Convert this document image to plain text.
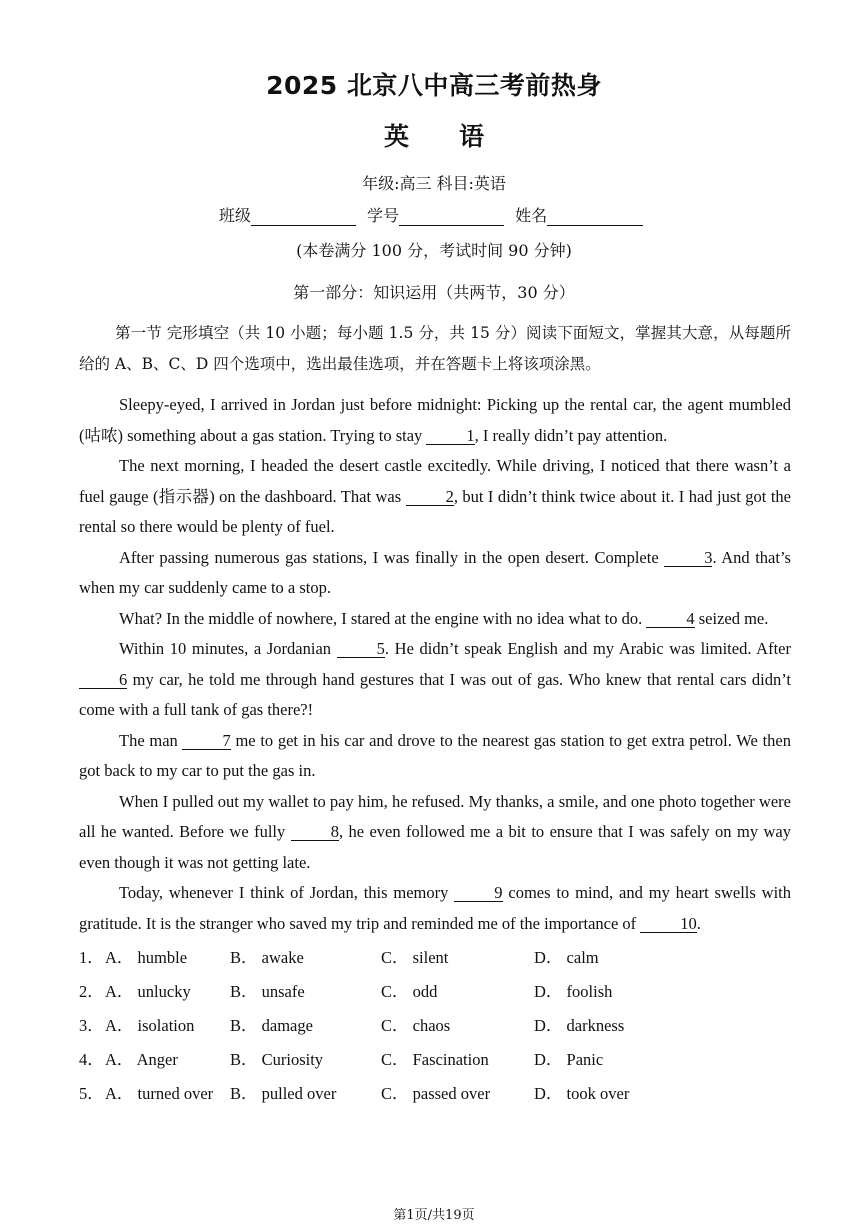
2025 北京八中高三考前热身
英　　语
年级:高三 科目:英语
班级	学号	姓名
(本卷满分 100 分，考试时间 90 分钟)
第一部分：知识运用（共两节，30 分）
第一节 完形填空（共 10 小题；每小题 1.5 分，共 15 分）阅读下面短文，掌握其大意，从每题所给的 A、B、C、D 四个选项中，选出最佳选项，并在答题卡上将该项涂黑。

Sleepy-eyed, I arrived in Jordan just before midnight: Picking up the rental car, the agent mumbled (咕哝) something about a gas station. Trying to stay 1, I really didn’t pay attention.

The next morning, I headed the desert castle excitedly. While driving, I noticed that there wasn’t a fuel gauge (指示器) on the dashboard. That was 2, but I didn’t think twice about it. I had just got the rental so there would be plenty of fuel.

After passing numerous gas stations, I was finally in the open desert. Complete 3. And that’s when my car suddenly came to a stop.

What? In the middle of nowhere, I stared at the engine with no idea what to do. 4 seized me.

Within 10 minutes, a Jordanian 5. He didn’t speak English and my Arabic was limited. After 6 my car, he told me through hand gestures that I was out of gas. Who knew that rental cars didn’t come with a full tank of gas there?!

The man 7 me to get in his car and drove to the nearest gas station to get extra petrol. We then got back to my car to put the gas in.

When I pulled out my wallet to pay him, he refused. My thanks, a smile, and one photo together were all he wanted. Before we fully 8, he even followed me a bit to ensure that I was safely on my way even though it was not getting late.

Today, whenever I think of Jordan, this memory 9 comes to mind, and my heart swells with gratitude. It is the stranger who saved my trip and reminded me of the importance of 10.

1． A． humble	B． awake	C． silent	D． calm
2． A． unlucky B． unsafe	C． odd	D． foolish
3． A． isolation B． damage	C． chaos	D． darkness
4． A． Anger	B． Curiosity	C． Fascination	D． Panic
5． A． turned over B． pulled over	C． passed over	D． took over
第1页/共19页
